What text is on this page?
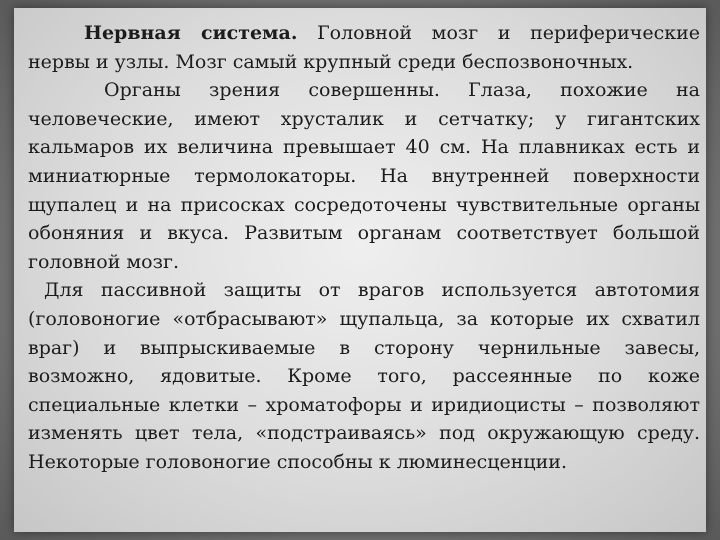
Нервная система. Головной мозг и периферические нервы и узлы. Мозг самый крупный среди беспозвоночных.

Органы зрения совершенны. Глаза, похожие на человеческие, имеют хрусталик и сетчатку; у гигантских кальмаров их величина превышает 40 см. На плавниках есть и миниатюрные термолокаторы. На внутренней поверхности щупалец и на присосках сосредоточены чувствительные органы обоняния и вкуса. Развитым органам соответствует большой головной мозг.

Для пассивной защиты от врагов используется автотомия (головоногие «отбрасывают» щупальца, за которые их схватил враг) и выпрыскиваемые в сторону чернильные завесы, возможно, ядовитые. Кроме того, рассеянные по коже специальные клетки – хроматофоры и иридиоцисты – позволяют изменять цвет тела, «подстраиваясь» под окружающую среду. Некоторые головоногие способны к люминесценции.
